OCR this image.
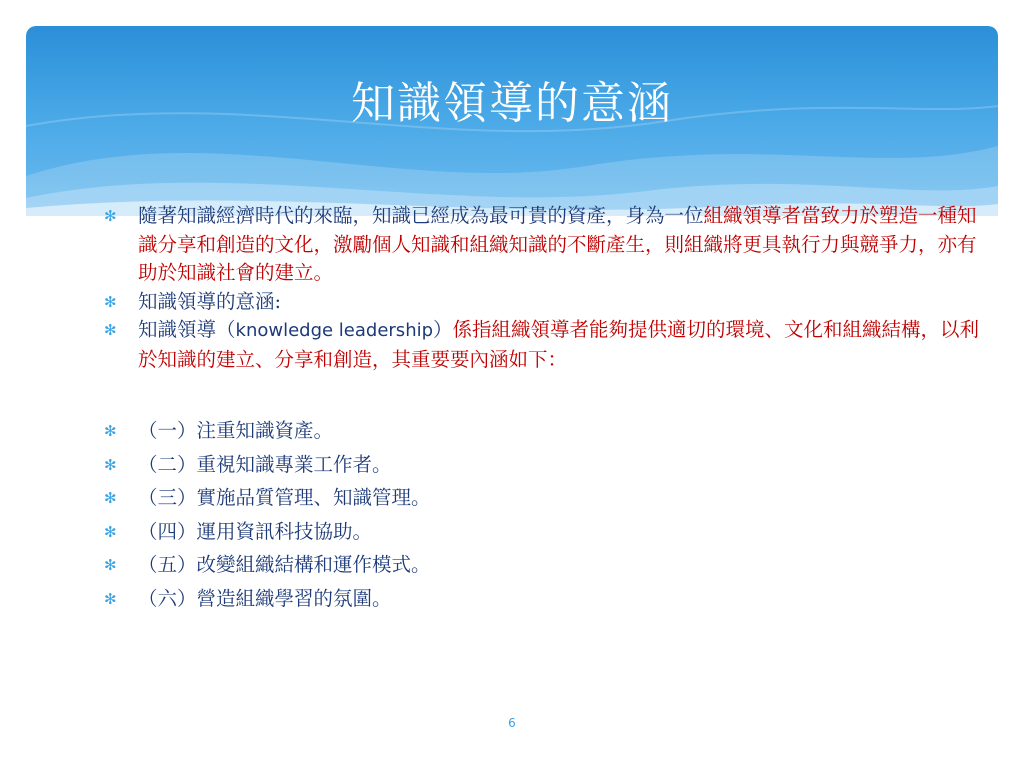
知識領導的意涵

✻	隨著知識經濟時代的來臨，知識已經成為最可貴的資產，身為一位組織領導者當致力於塑造一種知識分享和創造的文化，激勵個人知識和組織知識的不斷產生，則組織將更具執行力與競爭力，亦有助於知識社會的建立。

✻	知識領導的意涵:

✻	知識領導（knowledge leadership）係指組織領導者能夠提供適切的環境、文化和組織結構，以利於知識的建立、分享和創造，其重要要內涵如下：

✻	（一）注重知識資產。

✻	（二）重視知識專業工作者。

✻	（三）實施品質管理、知識管理。

✻	（四）運用資訊科技協助。

✻	（五）改變組織結構和運作模式。

✻	（六）營造組織學習的氛圍。

6
